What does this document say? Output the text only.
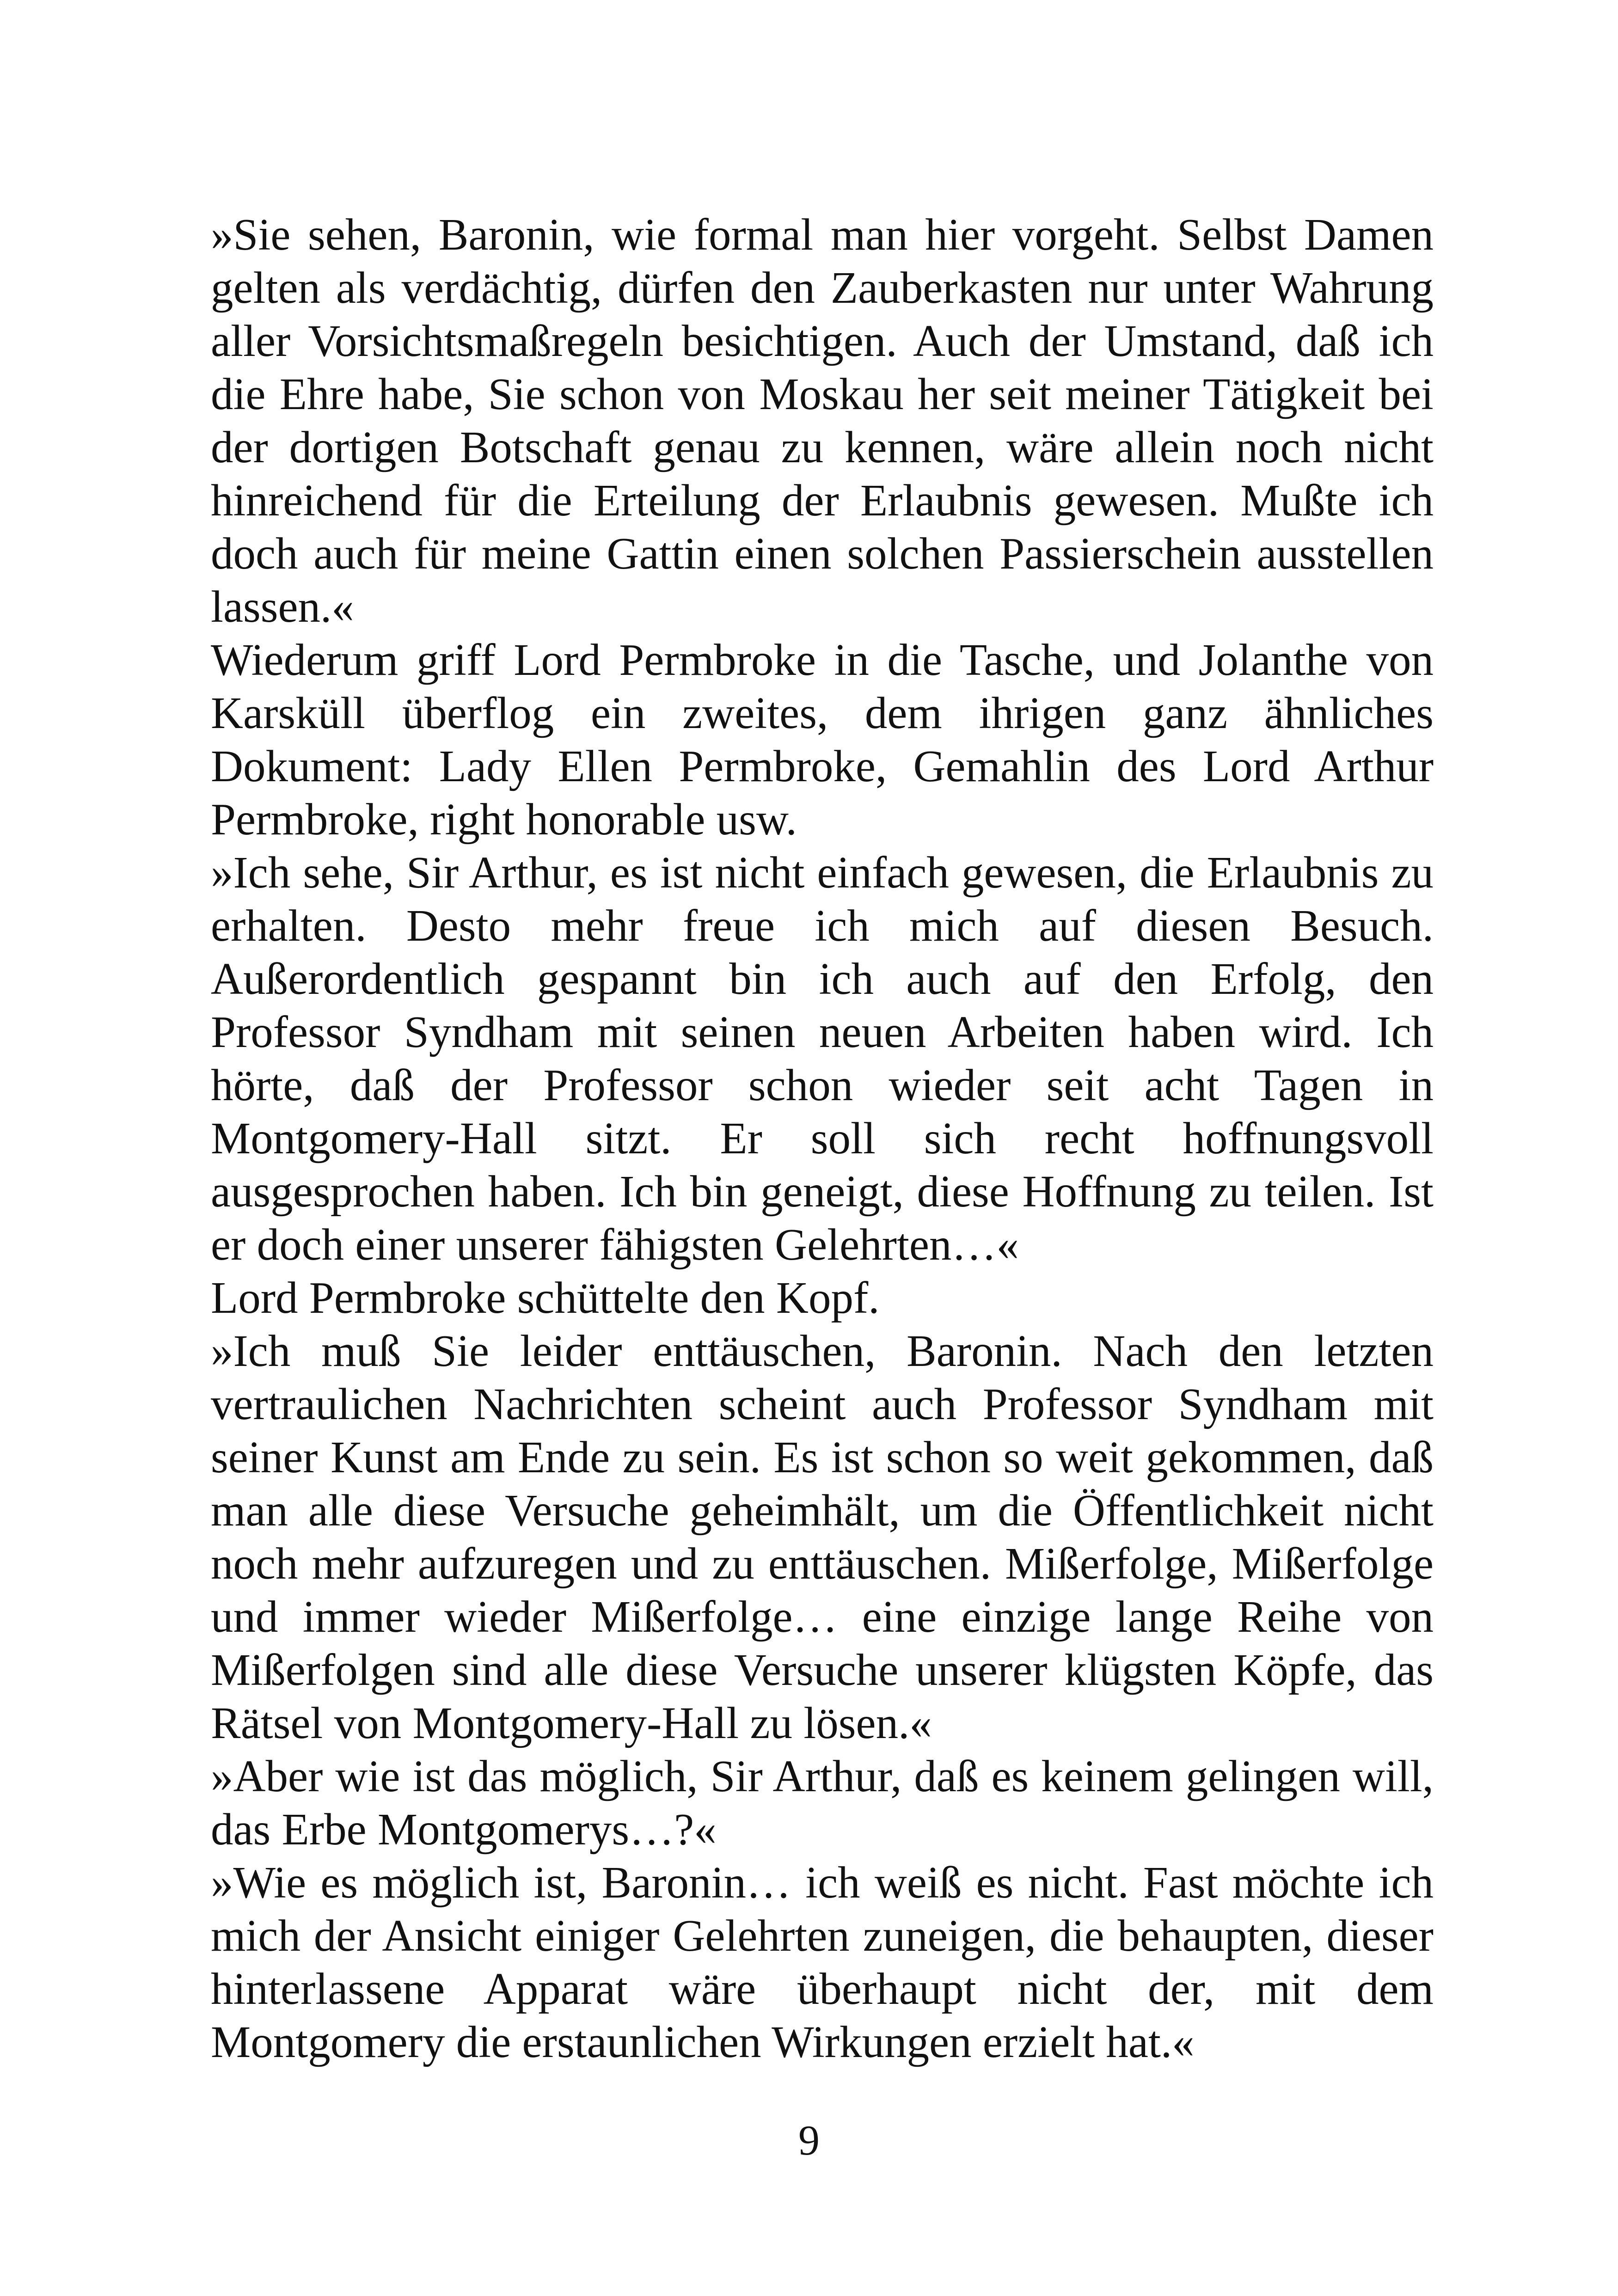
»Sie sehen, Baronin, wie formal man hier vorgeht. Selbst Damen gelten als verdächtig, dürfen den Zauberkasten nur unter Wahrung aller Vorsichtsmaßregeln besichtigen. Auch der Umstand, daß ich die Ehre habe, Sie schon von Moskau her seit meiner Tätigkeit bei der dortigen Botschaft genau zu kennen, wäre allein noch nicht hinreichend für die Erteilung der Erlaubnis gewesen. Mußte ich doch auch für meine Gattin einen solchen Passierschein ausstellen lassen.«

Wiederum griff Lord Permbroke in die Tasche, und Jolanthe von Karsküll überflog ein zweites, dem ihrigen ganz ähnliches Dokument: Lady Ellen Permbroke, Gemahlin des Lord Arthur Permbroke, right honorable usw.

»Ich sehe, Sir Arthur, es ist nicht einfach gewesen, die Erlaubnis zu erhalten. Desto mehr freue ich mich auf diesen Besuch. Außerordentlich gespannt bin ich auch auf den Erfolg, den Professor Syndham mit seinen neuen Arbeiten haben wird. Ich hörte, daß der Professor schon wieder seit acht Tagen in Montgomery-Hall sitzt. Er soll sich recht hoffnungsvoll ausgesprochen haben. Ich bin geneigt, diese Hoffnung zu teilen. Ist er doch einer unserer fähigsten Gelehrten…«

Lord Permbroke schüttelte den Kopf.

»Ich muß Sie leider enttäuschen, Baronin. Nach den letzten vertraulichen Nachrichten scheint auch Professor Syndham mit seiner Kunst am Ende zu sein. Es ist schon so weit gekommen, daß man alle diese Versuche geheimhält, um die Öffentlichkeit nicht noch mehr aufzuregen und zu enttäuschen. Mißerfolge, Mißerfolge und immer wieder Mißerfolge… eine einzige lange Reihe von Mißerfolgen sind alle diese Versuche unserer klügsten Köpfe, das Rätsel von Montgomery-Hall zu lösen.«

»Aber wie ist das möglich, Sir Arthur, daß es keinem gelingen will, das Erbe Montgomerys…?«

»Wie es möglich ist, Baronin… ich weiß es nicht. Fast möchte ich mich der Ansicht einiger Gelehrten zuneigen, die behaupten, dieser hinterlassene Apparat wäre überhaupt nicht der, mit dem Montgomery die erstaunlichen Wirkungen erzielt hat.«

9
